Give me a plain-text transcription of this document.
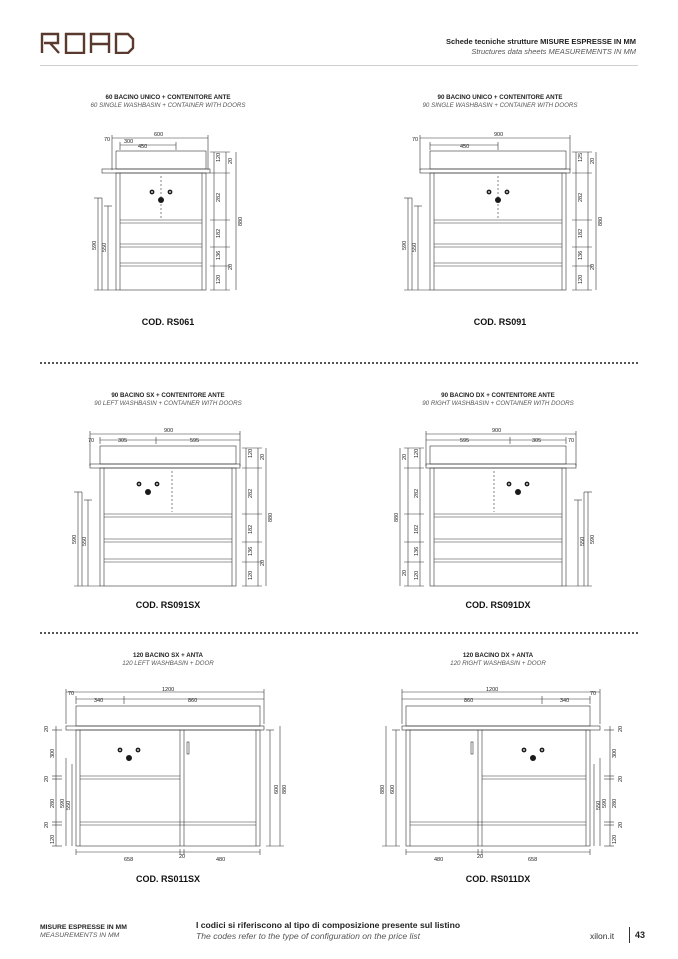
Schede tecniche strutture MISURE ESPRESSE IN MM
Structures data sheets MEASUREMENTS IN MM
60 BACINO UNICO + CONTENITORE ANTE
60 SINGLE WASHBASIN + CONTAINER WITH DOORS
70
600
300
450
120 20
282
182
136
20
120
880
590 550
COD. RS061
90 BACINO UNICO + CONTENITORE ANTE
90 SINGLE WASHBASIN + CONTAINER WITH DOORS
70
900
450
125 20
282
182
136
20
120
880
590 550
COD. RS091
90 BACINO SX + CONTENITORE ANTE
90 LEFT WASHBASIN + CONTAINER WITH DOORS
70
900
305	595
120 20
282
182
136
20
120
880
590 550
COD. RS091SX
90 BACINO DX + CONTENITORE ANTE
90 RIGHT WASHBASIN + CONTAINER WITH DOORS
70
900
305
595
120
20
282
182
136
20 120
880
590
550
COD. RS091DX
120 BACINO SX + ANTA
120 LEFT WASHBASIN + DOOR
70
1200
340	860
20
300
20
280
20
120
590 550
600 880
658	20	480
COD. RS011SX
120 BACINO DX + ANTA
120 RIGHT WASHBASIN + DOOR
70
1200
340
860
20
300
20
280
20
120
590
550
600
880
480	20	658
COD. RS011DX
MISURE ESPRESSE IN MM
MEASUREMENTS IN MM
I codici si riferiscono al tipo di composizione presente sul listino
The codes refer to the type of configuration on the price list	xilon.it 43
